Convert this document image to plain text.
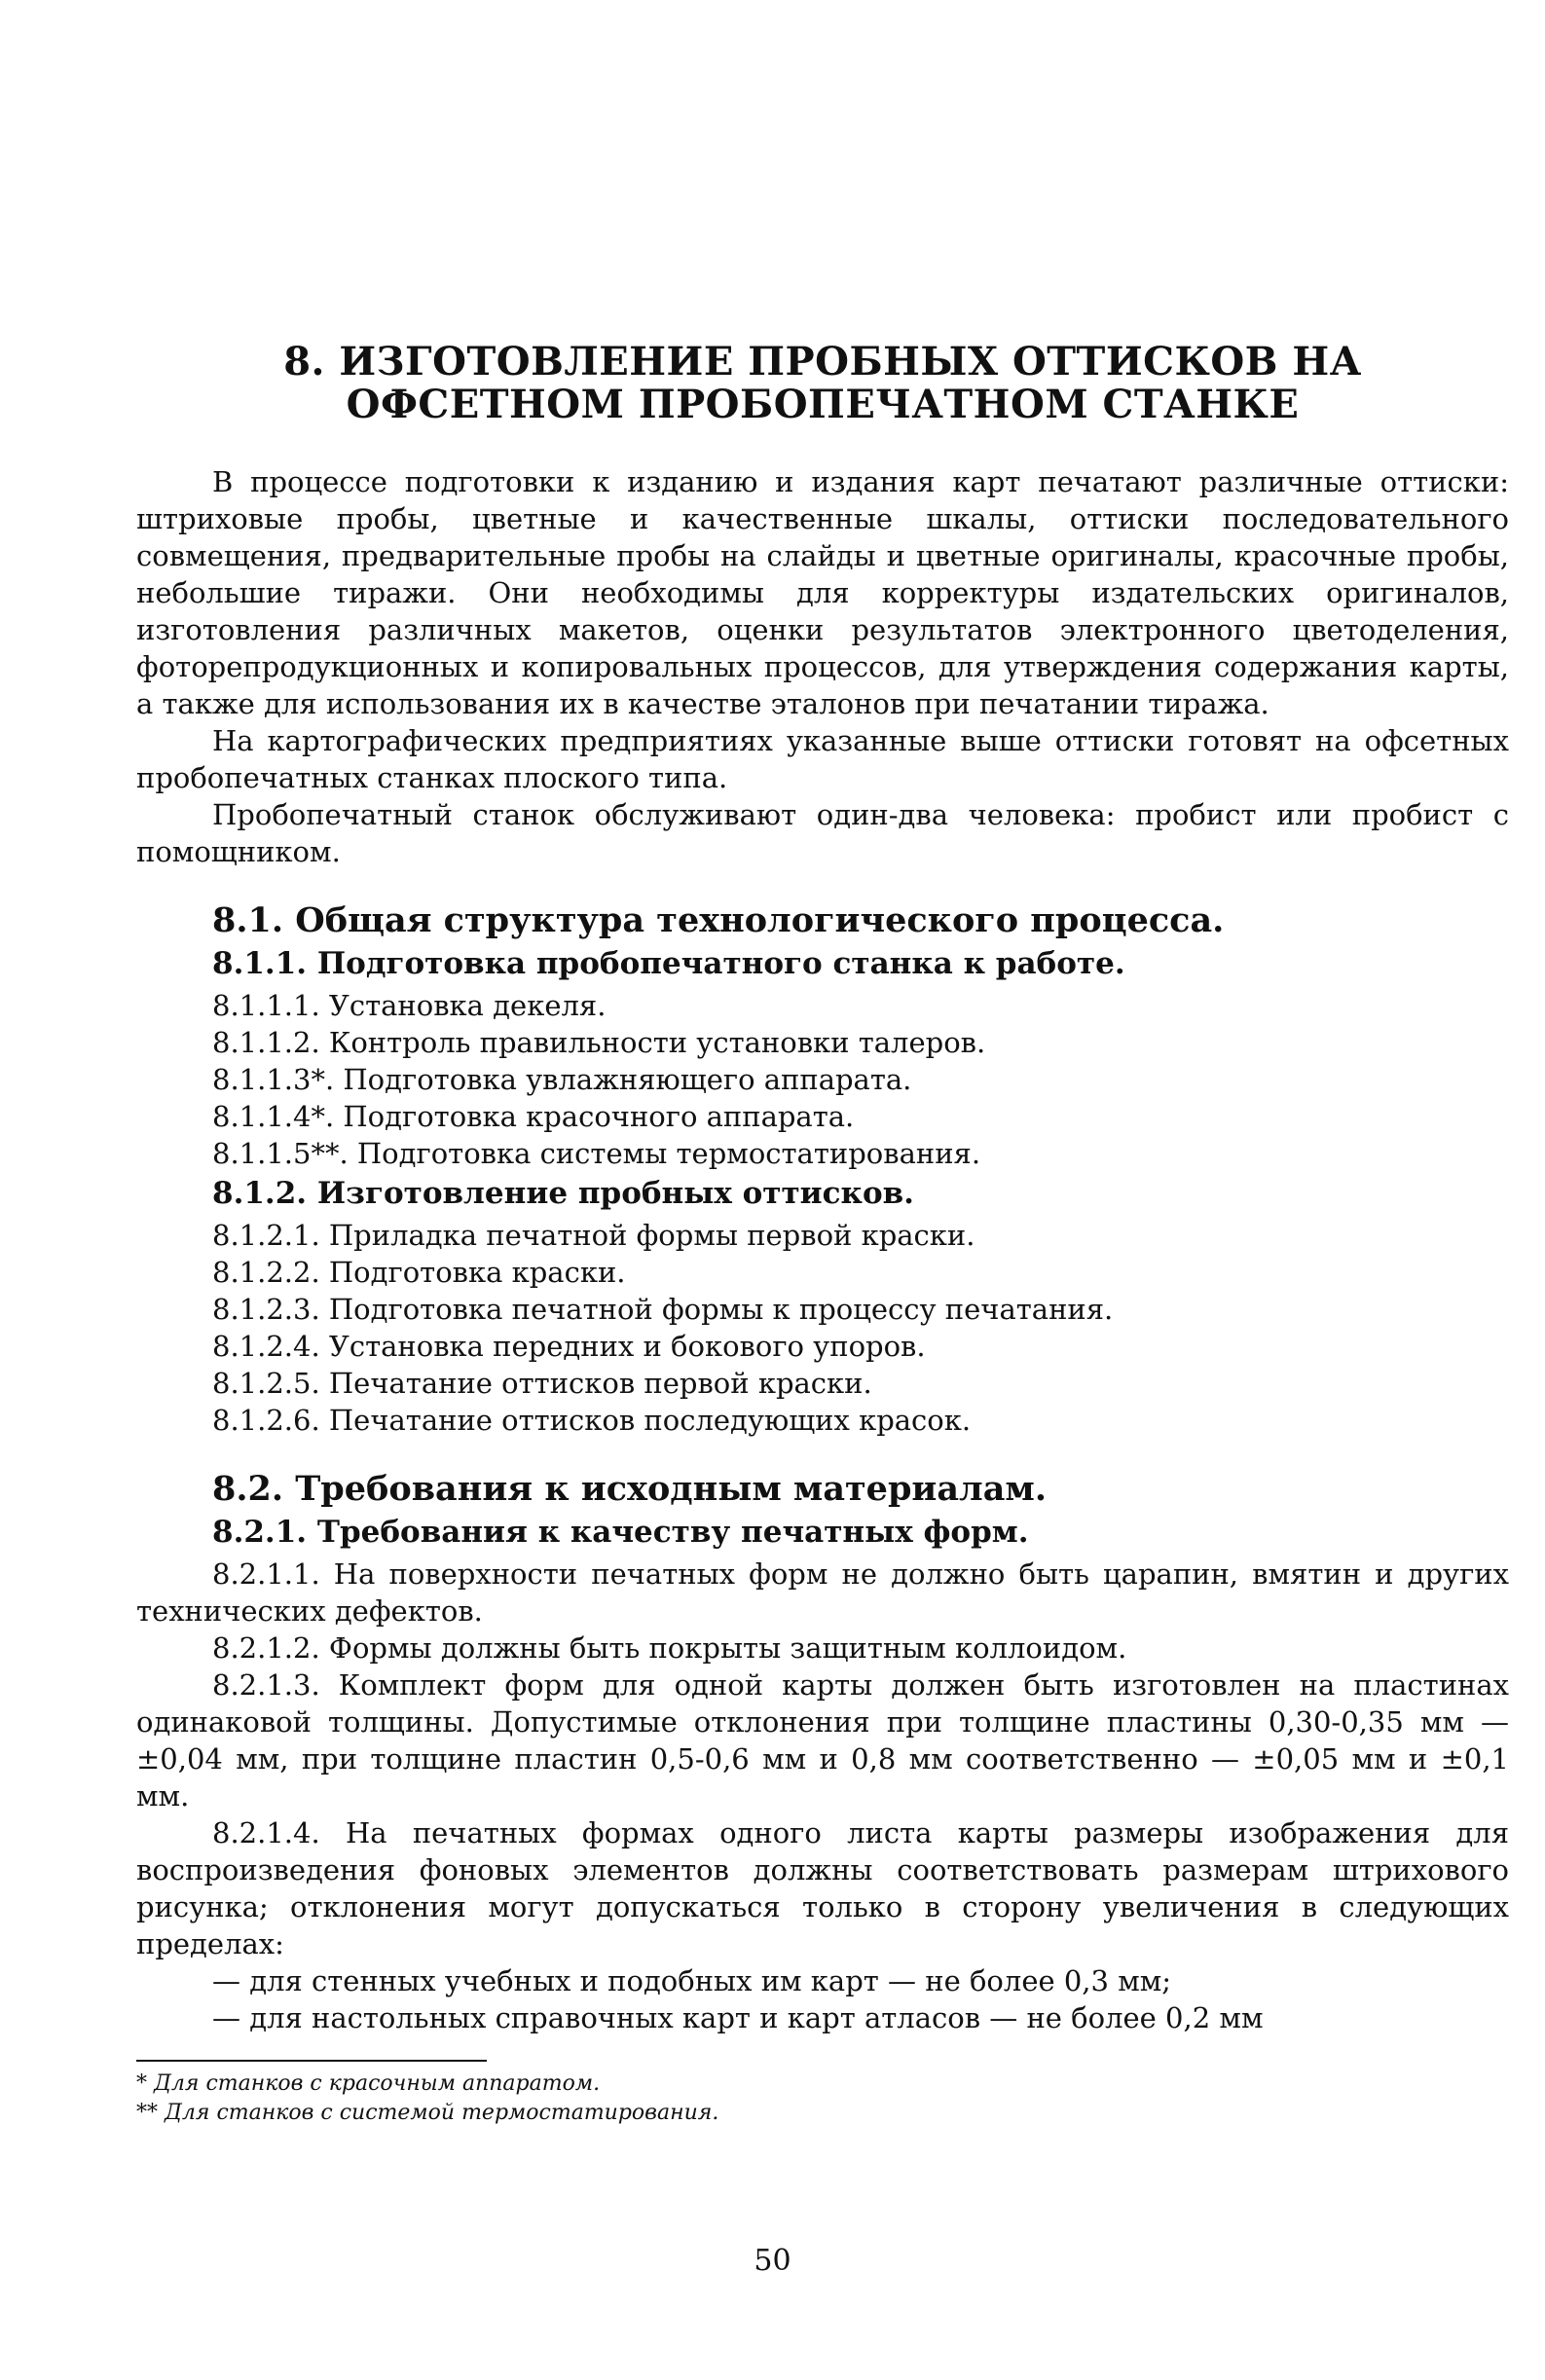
8. ИЗГОТОВЛЕНИЕ ПРОБНЫХ ОТТИСКОВ НА
ОФСЕТНОМ ПРОБОПЕЧАТНОМ СТАНКЕ

В процессе подготовки к изданию и издания карт печатают различные оттиски: штриховые пробы, цветные и качественные шкалы, оттиски последовательного совмещения, предварительные пробы на слайды и цветные оригиналы, красочные пробы, небольшие тиражи. Они необходимы для корректуры издательских оригиналов, изготовления различных макетов, оценки результатов электронного цветоделения, фоторепродукционных и копировальных процессов, для утверждения содержания карты, а также для использования их в качестве эталонов при печатании тиража.

На картографических предприятиях указанные выше оттиски готовят на офсетных пробопечатных станках плоского типа.

Пробопечатный станок обслуживают один-два человека: пробист или пробист с помощником.

8.1. Общая структура технологического процесса.
8.1.1. Подготовка пробопечатного станка к работе.
8.1.1.1. Установка декеля.
8.1.1.2. Контроль правильности установки талеров.
8.1.1.3*. Подготовка увлажняющего аппарата.
8.1.1.4*. Подготовка красочного аппарата.
8.1.1.5**. Подготовка системы термостатирования.
8.1.2. Изготовление пробных оттисков.
8.1.2.1. Приладка печатной формы первой краски.
8.1.2.2. Подготовка краски.
8.1.2.3. Подготовка печатной формы к процессу печатания.
8.1.2.4. Установка передних и бокового упоров.
8.1.2.5. Печатание оттисков первой краски.
8.1.2.6. Печатание оттисков последующих красок.
8.2. Требования к исходным материалам.
8.2.1. Требования к качеству печатных форм.

8.2.1.1. На поверхности печатных форм не должно быть царапин, вмятин и других технических дефектов.

8.2.1.2. Формы должны быть покрыты защитным коллоидом.

8.2.1.3. Комплект форм для одной карты должен быть изготовлен на пластинах одинаковой толщины. Допустимые отклонения при толщине пластины 0,30-0,35 мм — ±0,04 мм, при толщине пластин 0,5-0,6 мм и 0,8 мм соответственно — ±0,05 мм и ±0,1 мм.

8.2.1.4. На печатных формах одного листа карты размеры изображения для воспроизведения фоновых элементов должны соответствовать размерам штрихового рисунка; отклонения могут допускаться только в сторону увеличения в следующих пределах:

— для стенных учебных и подобных им карт — не более 0,3 мм;
— для настольных справочных карт и карт атласов — не более 0,2 мм
* Для станков с красочным аппаратом.
** Для станков с системой термостатирования.
50
